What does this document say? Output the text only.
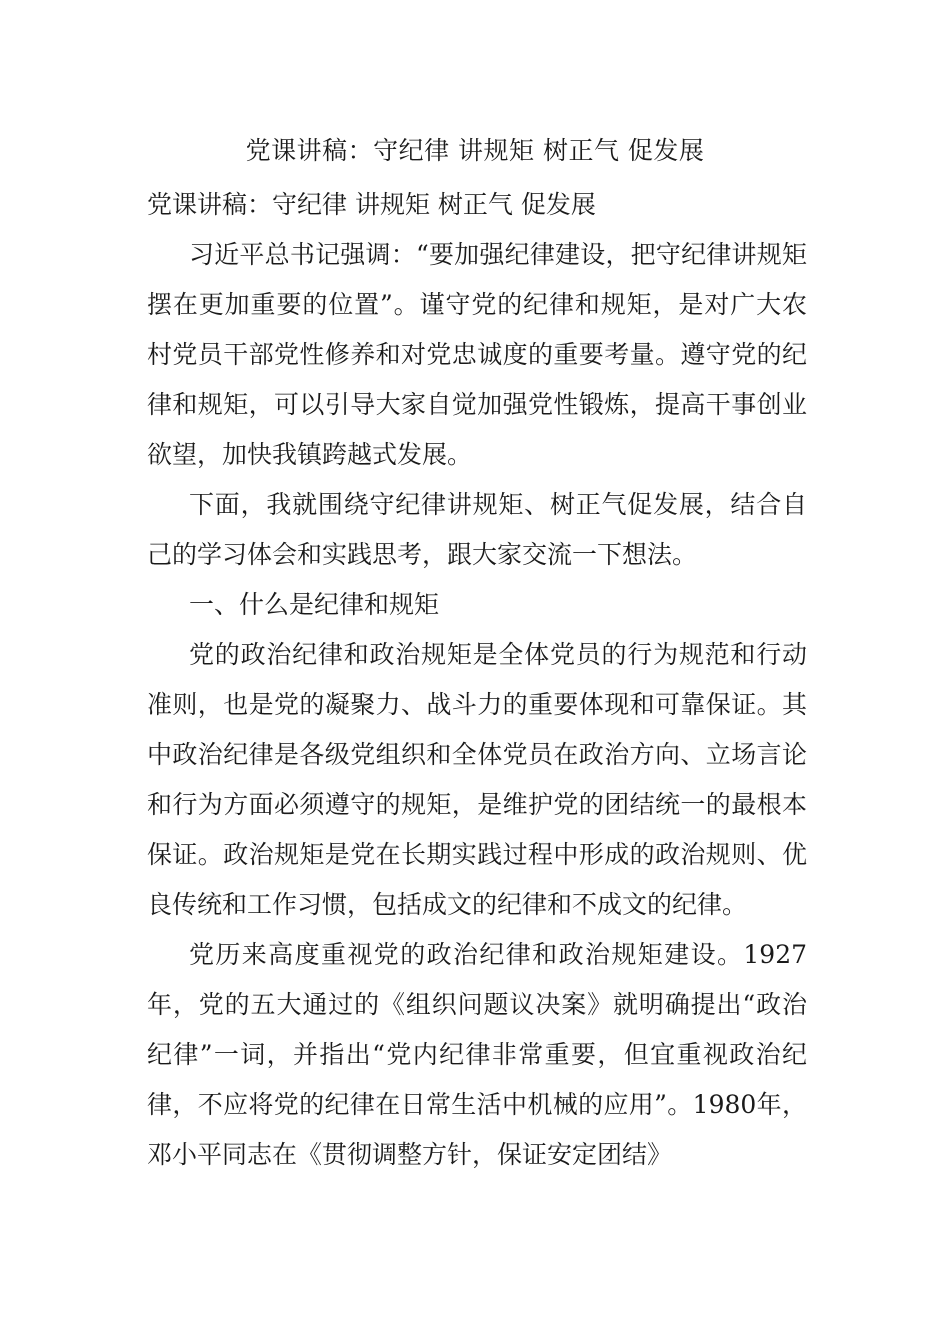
党课讲稿：守纪律 讲规矩 树正气 促发展

党课讲稿：守纪律 讲规矩 树正气 促发展

习近平总书记强调：“要加强纪律建设，把守纪律讲规矩摆在更加重要的位置”。谨守党的纪律和规矩，是对广大农村党员干部党性修养和对党忠诚度的重要考量。遵守党的纪律和规矩，可以引导大家自觉加强党性锻炼，提高干事创业欲望，加快我镇跨越式发展。

下面，我就围绕守纪律讲规矩、树正气促发展，结合自己的学习体会和实践思考，跟大家交流一下想法。

一、什么是纪律和规矩

党的政治纪律和政治规矩是全体党员的行为规范和行动准则，也是党的凝聚力、战斗力的重要体现和可靠保证。其中政治纪律是各级党组织和全体党员在政治方向、立场言论和行为方面必须遵守的规矩，是维护党的团结统一的最根本保证。政治规矩是党在长期实践过程中形成的政治规则、优良传统和工作习惯，包括成文的纪律和不成文的纪律。

党历来高度重视党的政治纪律和政治规矩建设。1927年，党的五大通过的《组织问题议决案》就明确提出“政治纪律”一词，并指出“党内纪律非常重要，但宜重视政治纪律，不应将党的纪律在日常生活中机械的应用”。1980年，邓小平同志在《贯彻调整方针，保证安定团结》
